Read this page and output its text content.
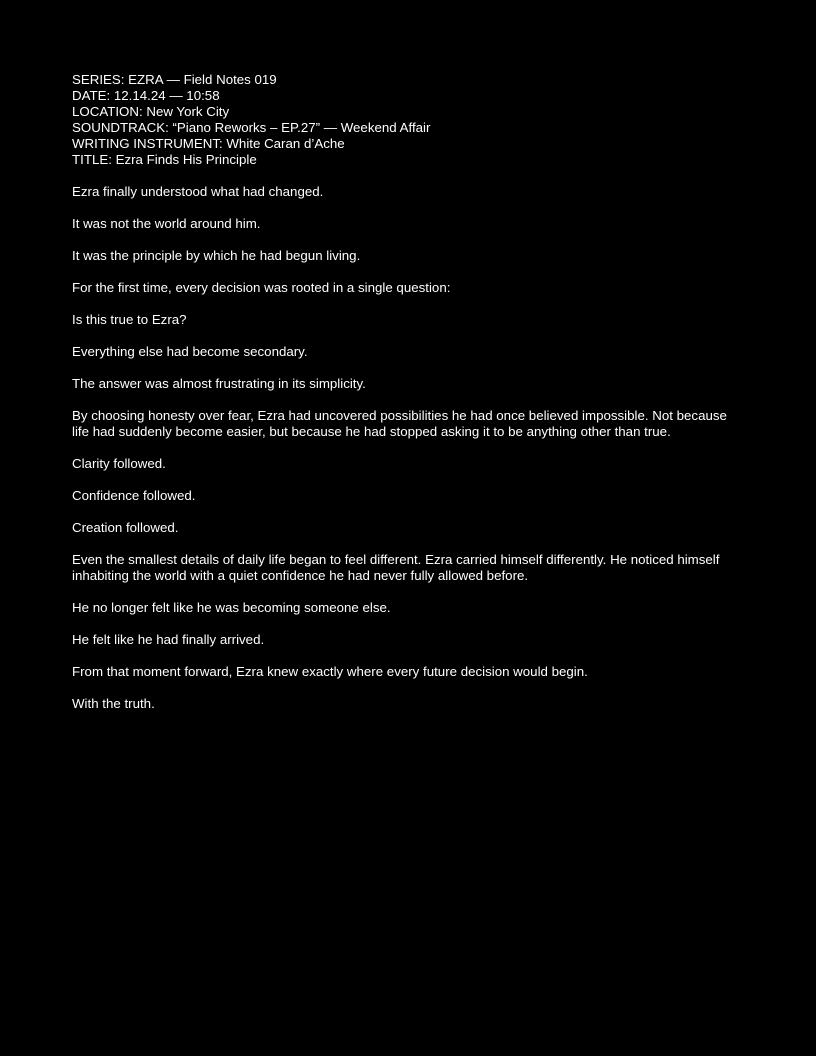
SERIES: EZRA — Field Notes 019
DATE: 12.14.24 — 10:58
LOCATION: New York City
SOUNDTRACK: “Piano Reworks – EP.27” — Weekend Affair
WRITING INSTRUMENT: White Caran d’Ache
TITLE: Ezra Finds His Principle

Ezra finally understood what had changed.

It was not the world around him.

It was the principle by which he had begun living.

For the first time, every decision was rooted in a single question:

Is this true to Ezra?

Everything else had become secondary.

The answer was almost frustrating in its simplicity.

By choosing honesty over fear, Ezra had uncovered possibilities he had once believed impossible. Not because life had suddenly become easier, but because he had stopped asking it to be anything other than true.

Clarity followed.

Confidence followed.

Creation followed.

Even the smallest details of daily life began to feel different. Ezra carried himself differently. He noticed himself inhabiting the world with a quiet confidence he had never fully allowed before.

He no longer felt like he was becoming someone else.

He felt like he had finally arrived.

From that moment forward, Ezra knew exactly where every future decision would begin.

With the truth.
